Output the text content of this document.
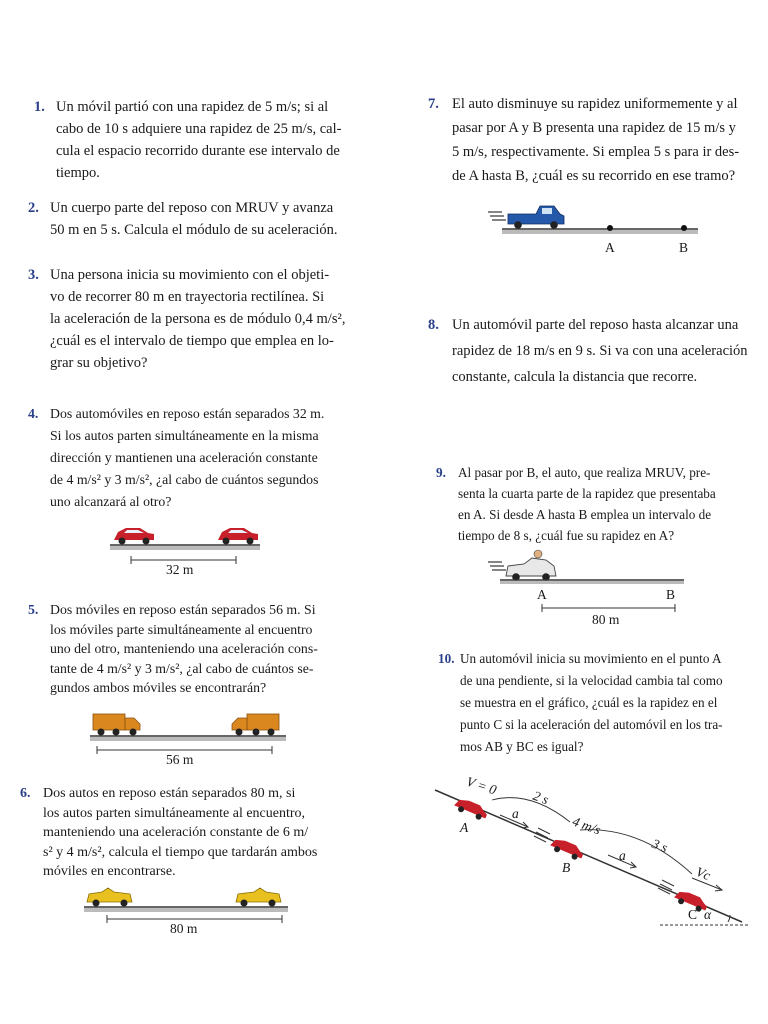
1. Un móvil partió con una rapidez de 5 m/s; si al
cabo de 10 s adquiere una rapidez de 25 m/s, cal-
cula el espacio recorrido durante ese intervalo de
tiempo.
2. Un cuerpo parte del reposo con MRUV y avanza
50 m en 5 s. Calcula el módulo de su aceleración.
3. Una persona inicia su movimiento con el objeti-
vo de recorrer 80 m en trayectoria rectilínea. Si
la aceleración de la persona es de módulo 0,4 m/s²,
¿cuál es el intervalo de tiempo que emplea en lo-
grar su objetivo?
4. Dos automóviles en reposo están separados 32 m.
Si los autos parten simultáneamente en la misma
dirección y mantienen una aceleración constante
de 4 m/s² y 3 m/s², ¿al cabo de cuántos segundos
uno alcanzará al otro?
32 m
5. Dos móviles en reposo están separados 56 m. Si
los móviles parte simultáneamente al encuentro
uno del otro, manteniendo una aceleración cons-
tante de 4 m/s² y 3 m/s², ¿al cabo de cuántos se-
gundos ambos móviles se encontrarán?
56 m
6. Dos autos en reposo están separados 80 m, si
los autos parten simultáneamente al encuentro,
manteniendo una aceleración constante de 6 m/
s² y 4 m/s², calcula el tiempo que tardarán ambos
móviles en encontrarse.
80 m
7. El auto disminuye su rapidez uniformemente y al
pasar por A y B presenta una rapidez de 15 m/s y
5 m/s, respectivamente. Si emplea 5 s para ir des-
de A hasta B, ¿cuál es su recorrido en ese tramo?
A	B
8. Un automóvil parte del reposo hasta alcanzar una
rapidez de 18 m/s en 9 s. Si va con una aceleración
constante, calcula la distancia que recorre.
9. Al pasar por B, el auto, que realiza MRUV, pre-
senta la cuarta parte de la rapidez que presentaba
en A. Si desde A hasta B emplea un intervalo de
tiempo de 8 s, ¿cuál fue su rapidez en A?
A	B
80 m
10. Un automóvil inicia su movimiento en el punto A
de una pendiente, si la velocidad cambia tal como
se muestra en el gráfico, ¿cuál es la rapidez en el
punto C si la aceleración del automóvil en los tra-
mos AB y BC es igual?
V = 0
2 s
a
4 m/s
A
3 s
a
B	Vc
C α
